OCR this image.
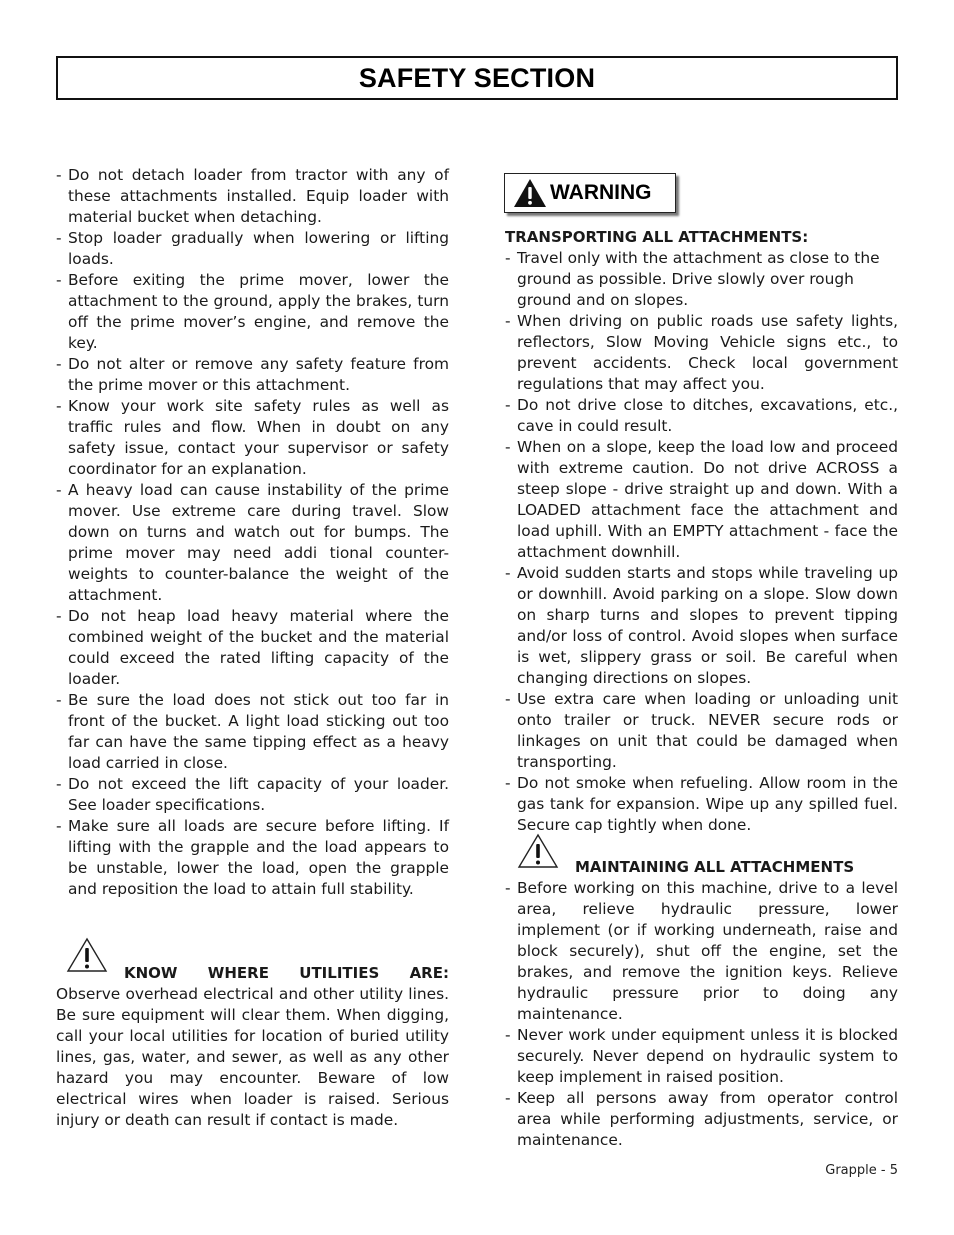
SAFETY SECTION
- Do not detach loader from tractor with any of these attachments installed. Equip loader with material bucket when detaching.
- Stop loader gradually when lowering or lifting loads.
- Before exiting the prime mover, lower the attachment to the ground, apply the brakes, turn off the prime mover’s engine, and remove the key.
- Do not alter or remove any safety feature from the prime mover or this attachment.
- Know your work site safety rules as well as traffic rules and flow. When in doubt on any safety issue, contact your supervisor or safety coordinator for an explanation.
- A heavy load can cause instability of the prime mover. Use extreme care during travel. Slow down on turns and watch out for bumps. The prime mover may need addi tional counter-weights to counter-balance the weight of the attachment.
- Do not heap load heavy material where the combined weight of the bucket and the material could exceed the rated lifting capacity of the loader.
- Be sure the load does not stick out too far in front of the bucket. A light load sticking out too far can have the same tipping effect as a heavy load carried in close.
- Do not exceed the lift capacity of your loader. See loader specifications.
- Make sure all loads are secure before lifting. If lifting with the grapple and the load appears to be unstable, lower the load, open the grapple and reposition the load to attain full stability.
KNOW WHERE UTILITIES ARE:
Observe overhead electrical and other utility lines. Be sure equipment will clear them. When digging, call your local utilities for location of buried utility lines, gas, water, and sewer, as well as any other hazard you may encounter. Beware of low electrical wires when loader is raised. Serious injury or death can result if contact is made.
WARNING
TRANSPORTING ALL ATTACHMENTS:
- Travel only with the attachment as close to the ground as possible. Drive slowly over rough ground and on slopes.
- When driving on public roads use safety lights, reflectors, Slow Moving Vehicle signs etc., to prevent accidents. Check local government regulations that may affect you.
- Do not drive close to ditches, excavations, etc., cave in could result.
- When on a slope, keep the load low and proceed with extreme caution. Do not drive ACROSS a steep slope - drive straight up and down. With a LOADED attachment face the attachment and load uphill. With an EMPTY attachment - face the attachment downhill.
- Avoid sudden starts and stops while traveling up or downhill. Avoid parking on a slope. Slow down on sharp turns and slopes to prevent tipping and/or loss of control. Avoid slopes when surface is wet, slippery grass or soil. Be careful when changing directions on slopes.
- Use extra care when loading or unloading unit onto trailer or truck. NEVER secure rods or linkages on unit that could be damaged when transporting.
- Do not smoke when refueling. Allow room in the gas tank for expansion. Wipe up any spilled fuel. Secure cap tightly when done.
MAINTAINING ALL ATTACHMENTS
- Before working on this machine, drive to a level area, relieve hydraulic pressure, lower implement (or if working underneath, raise and block securely), shut off the engine, set the brakes, and remove the ignition keys. Relieve hydraulic pressure prior to doing any maintenance.
- Never work under equipment unless it is blocked securely. Never depend on hydraulic system to keep implement in raised position.
- Keep all persons away from operator control area while performing adjustments, service, or maintenance.
Grapple - 5
